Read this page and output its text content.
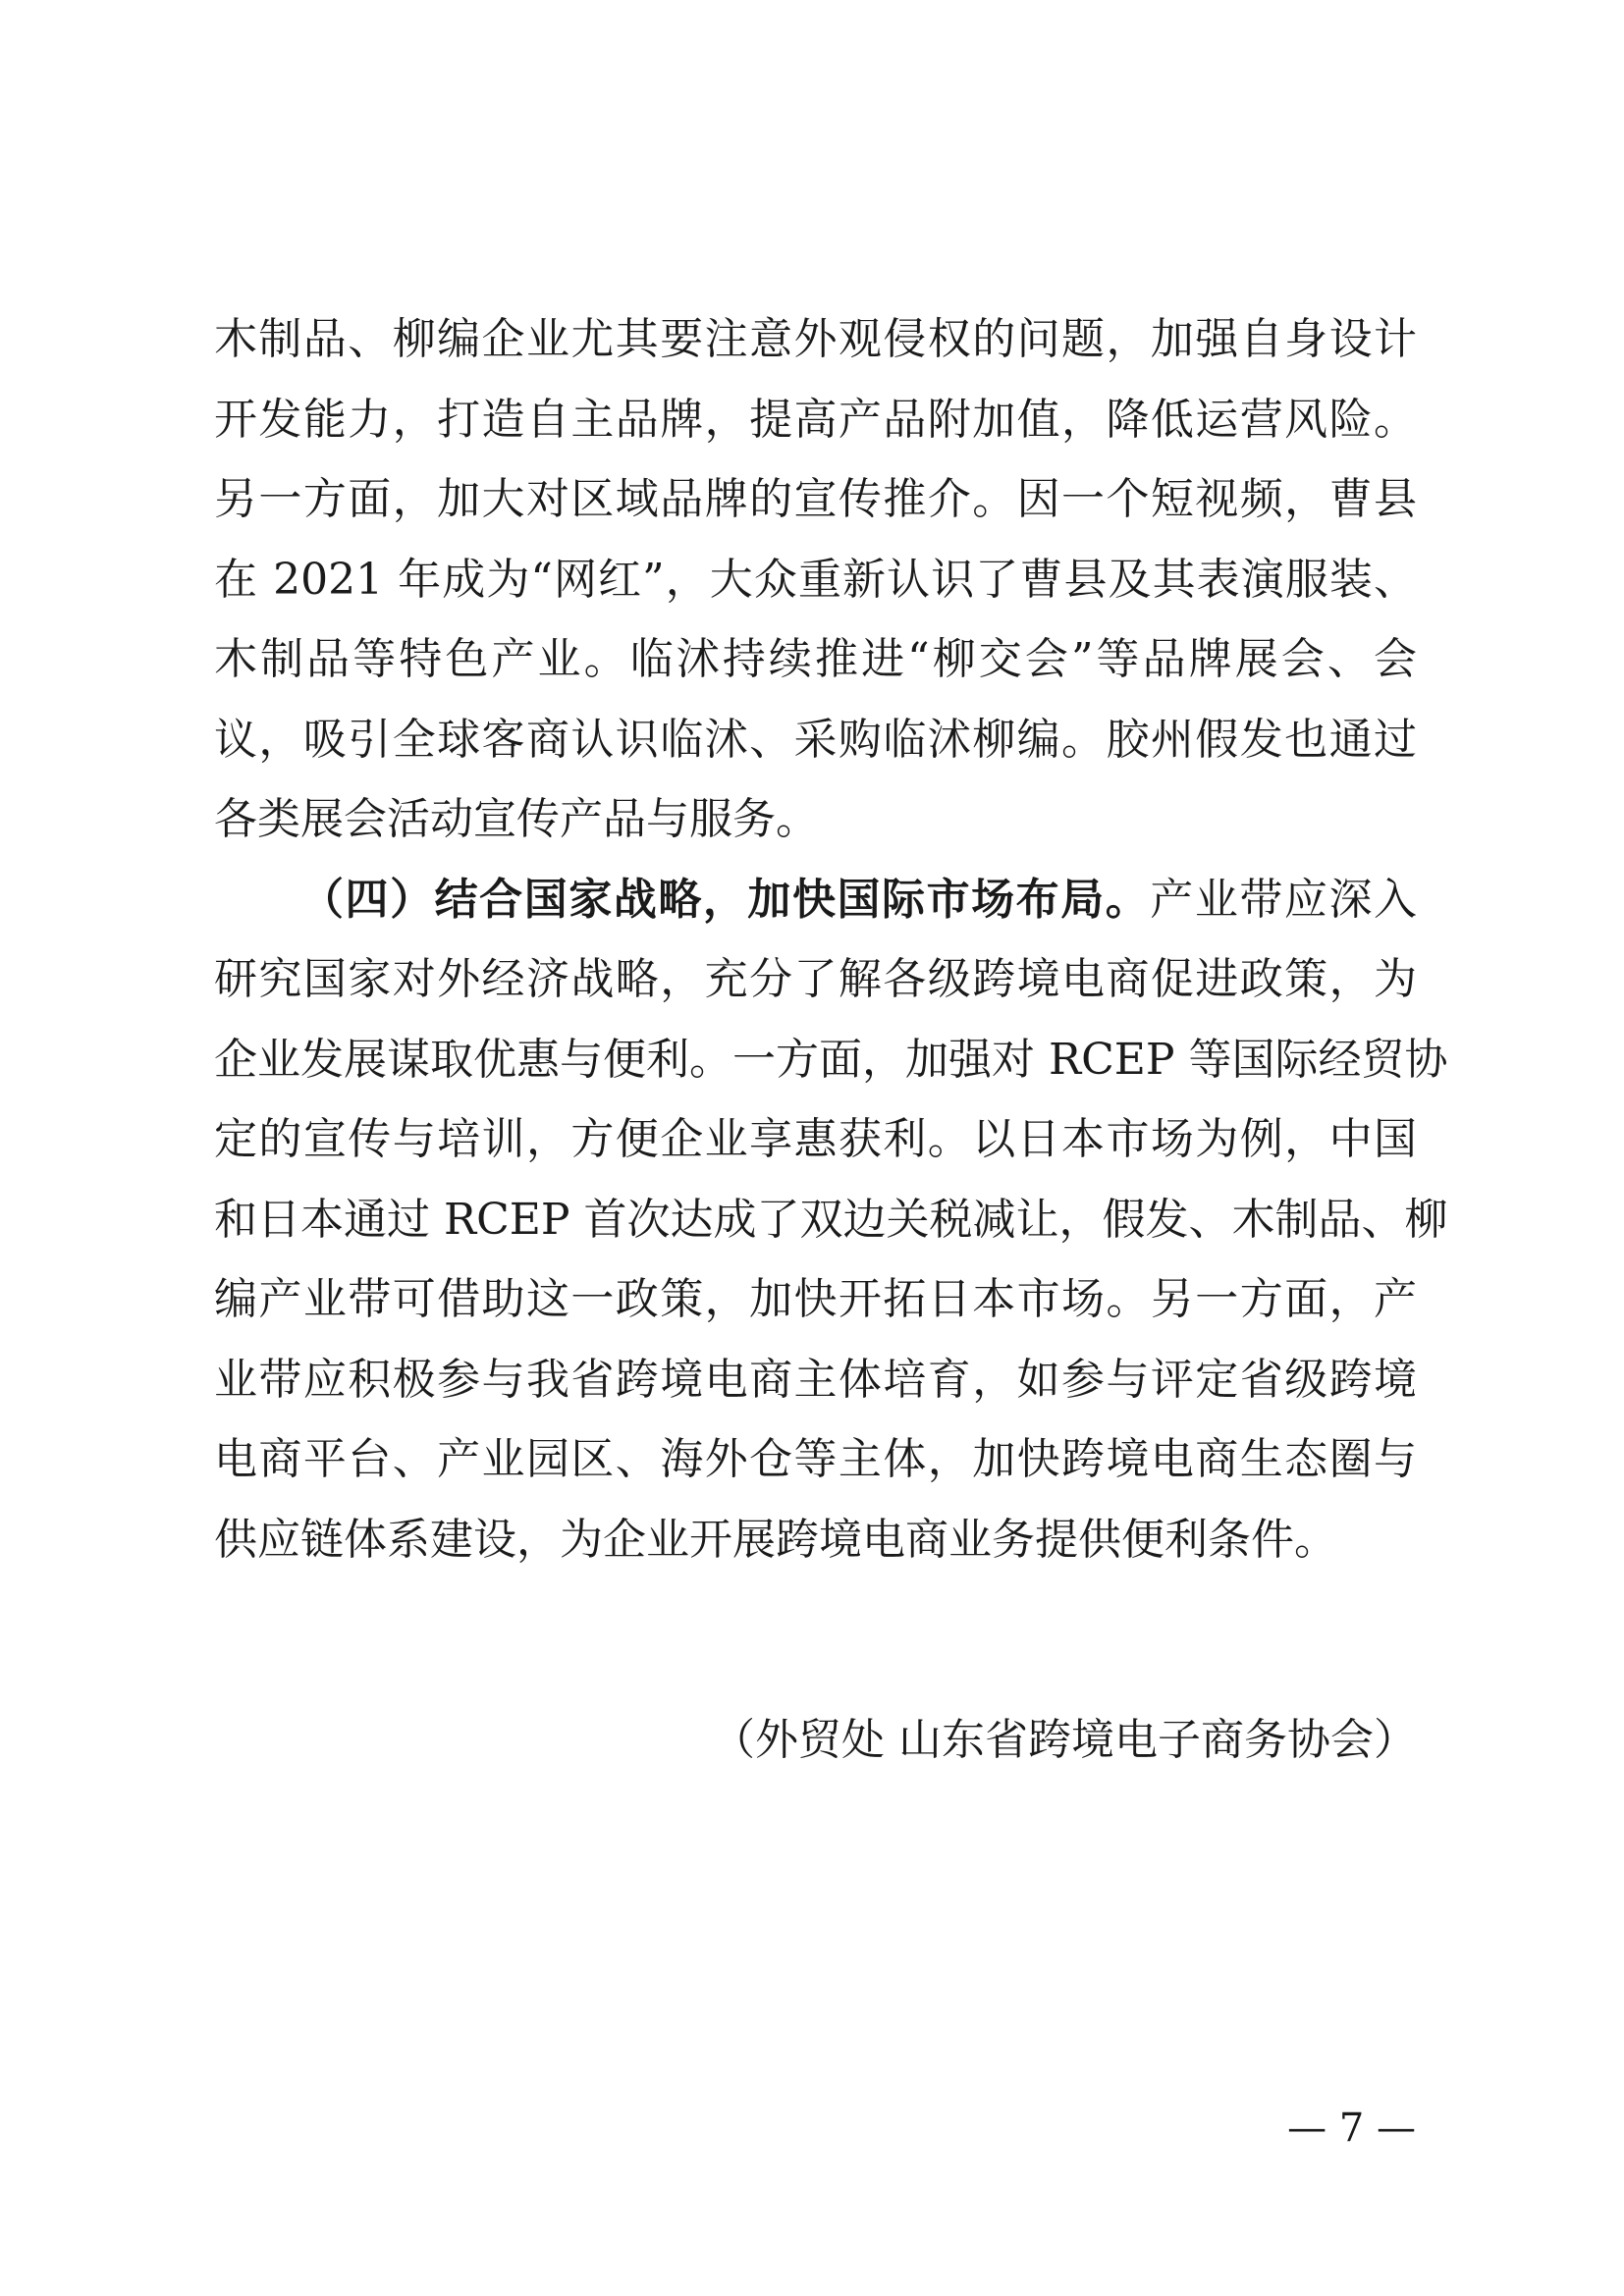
木制品、柳编企业尤其要注意外观侵权的问题，加强自身设计
开发能力，打造自主品牌，提高产品附加值，降低运营风险。
另一方面，加大对区域品牌的宣传推介。因一个短视频，曹县
在 2021 年成为“网红”，大众重新认识了曹县及其表演服装、
木制品等特色产业。临沭持续推进“柳交会”等品牌展会、会
议，吸引全球客商认识临沭、采购临沭柳编。胶州假发也通过
各类展会活动宣传产品与服务。
（四）结合国家战略，加快国际市场布局。产业带应深入
研究国家对外经济战略，充分了解各级跨境电商促进政策，为
企业发展谋取优惠与便利。一方面，加强对 RCEP 等国际经贸协
定的宣传与培训，方便企业享惠获利。以日本市场为例，中国
和日本通过 RCEP 首次达成了双边关税减让，假发、木制品、柳
编产业带可借助这一政策，加快开拓日本市场。另一方面，产
业带应积极参与我省跨境电商主体培育，如参与评定省级跨境
电商平台、产业园区、海外仓等主体，加快跨境电商生态圈与
供应链体系建设，为企业开展跨境电商业务提供便利条件。
（外贸处 山东省跨境电子商务协会）
— 7 —
